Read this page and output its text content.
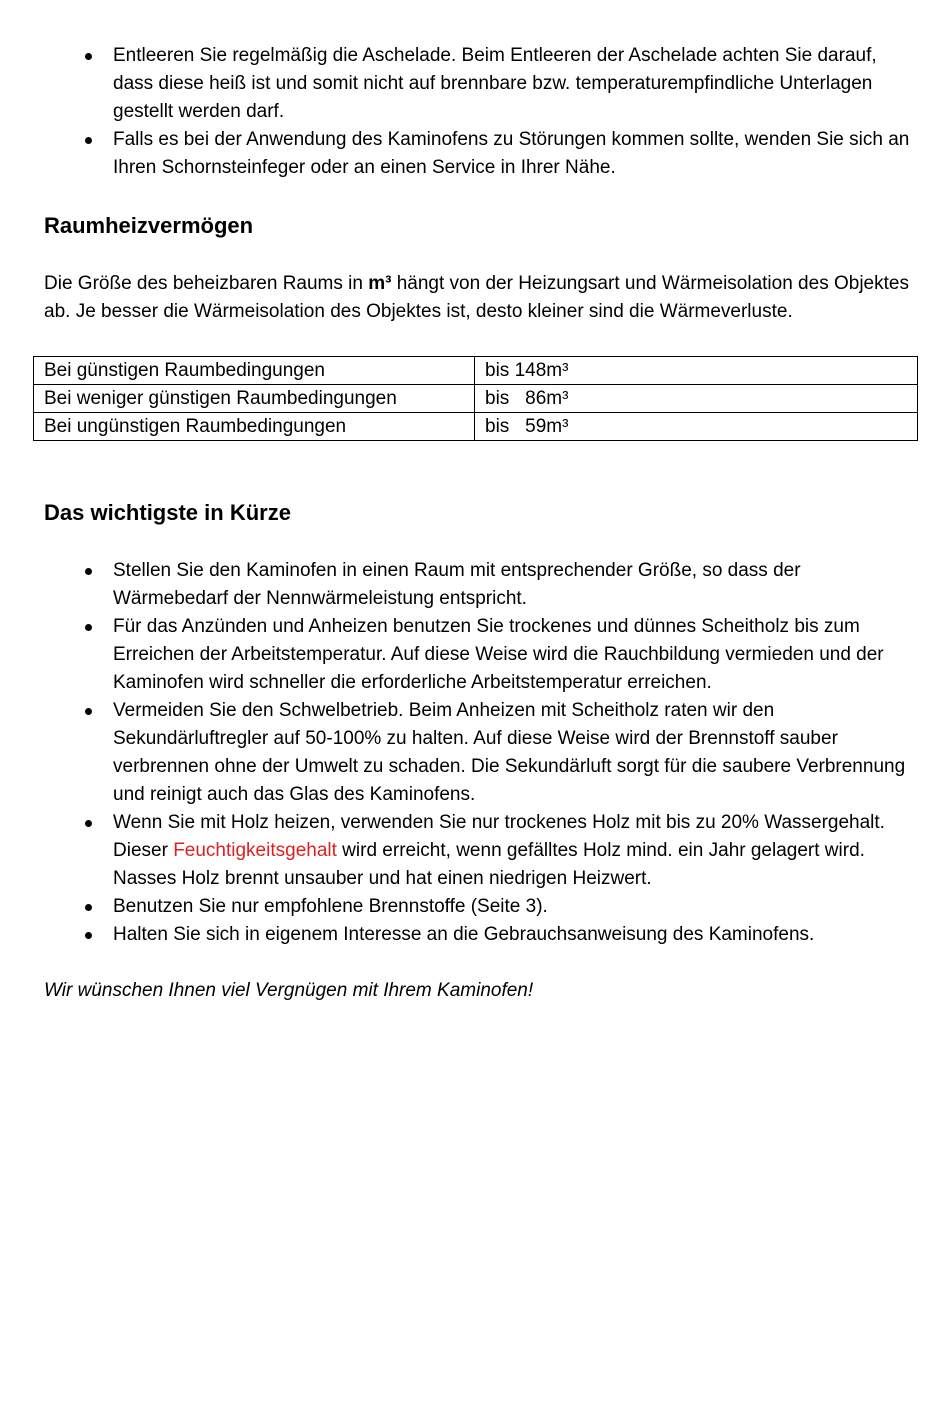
Entleeren Sie regelmäßig die Aschelade. Beim Entleeren der Aschelade achten Sie darauf, dass diese heiß ist und somit nicht auf brennbare bzw. temperaturempfindliche Unterlagen gestellt werden darf.
Falls es bei der Anwendung des Kaminofens zu Störungen kommen sollte, wenden Sie sich an Ihren Schornsteinfeger oder an einen Service in Ihrer Nähe.
Raumheizvermögen

Die Größe des beheizbaren Raums in m³ hängt von der Heizungsart und Wärmeisolation des Objektes ab. Je besser die Wärmeisolation des Objektes ist, desto kleiner sind die Wärmeverluste.

Bei günstigen Raumbedingungen	bis 148m³
Bei weniger günstigen Raumbedingungen	bis   86m³
Bei ungünstigen Raumbedingungen	bis   59m³
Das wichtigste in Kürze
Stellen Sie den Kaminofen in einen Raum mit entsprechender Größe, so dass der Wärmebedarf der Nennwärmeleistung entspricht.
Für das Anzünden und Anheizen benutzen Sie trockenes und dünnes Scheitholz bis zum Erreichen der Arbeitstemperatur. Auf diese Weise wird die Rauchbildung vermieden und der Kaminofen wird schneller die erforderliche Arbeitstemperatur erreichen.
Vermeiden Sie den Schwelbetrieb. Beim Anheizen mit Scheitholz raten wir den Sekundärluftregler auf 50-100% zu halten. Auf diese Weise wird der Brennstoff sauber verbrennen ohne der Umwelt zu schaden. Die Sekundärluft sorgt für die saubere Verbrennung und reinigt auch das Glas des Kaminofens.
Wenn Sie mit Holz heizen, verwenden Sie nur trockenes Holz mit bis zu 20% Wassergehalt. Dieser Feuchtigkeitsgehalt wird erreicht, wenn gefälltes Holz mind. ein Jahr gelagert wird. Nasses Holz brennt unsauber und hat einen niedrigen Heizwert.
Benutzen Sie nur empfohlene Brennstoffe (Seite 3).
Halten Sie sich in eigenem Interesse an die Gebrauchsanweisung des Kaminofens.

Wir wünschen Ihnen viel Vergnügen mit Ihrem Kaminofen!
